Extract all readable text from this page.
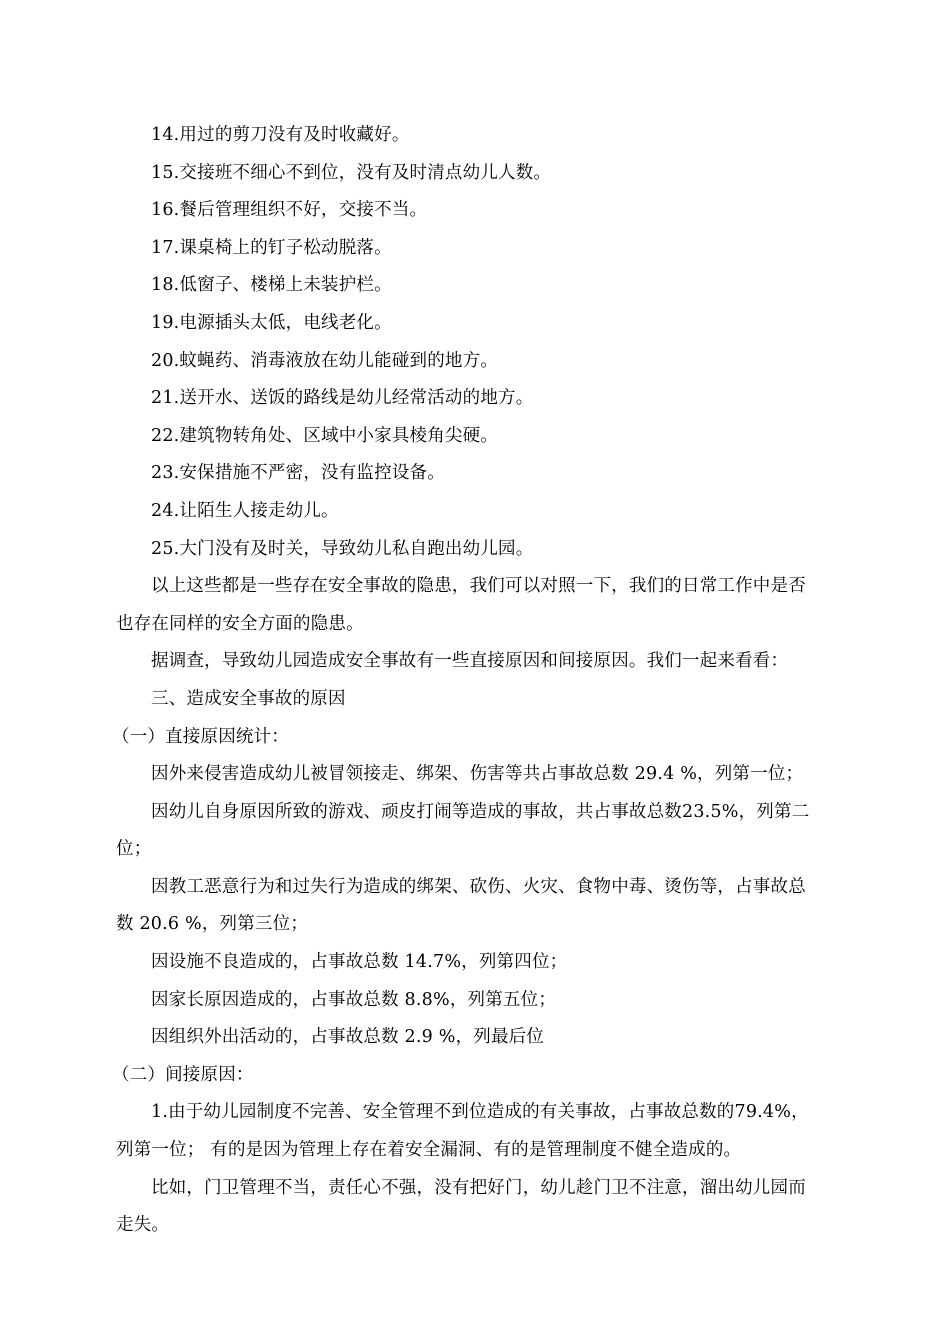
14.用过的剪刀没有及时收藏好。
15.交接班不细心不到位，没有及时清点幼儿人数。
16.餐后管理组织不好，交接不当。
17.课桌椅上的钉子松动脱落。
18.低窗子、楼梯上未装护栏。
19.电源插头太低，电线老化。
20.蚊蝇药、消毒液放在幼儿能碰到的地方。
21.送开水、送饭的路线是幼儿经常活动的地方。
22.建筑物转角处、区域中小家具棱角尖硬。
23.安保措施不严密，没有监控设备。
24.让陌生人接走幼儿。
25.大门没有及时关，导致幼儿私自跑出幼儿园。
以上这些都是一些存在安全事故的隐患，我们可以对照一下，我们的日常工作中是否
也存在同样的安全方面的隐患。
据调查，导致幼儿园造成安全事故有一些直接原因和间接原因。我们一起来看看：
三、造成安全事故的原因
（一）直接原因统计：
因外来侵害造成幼儿被冒领接走、绑架、伤害等共占事故总数 29.4 %，列第一位；
因幼儿自身原因所致的游戏、顽皮打闹等造成的事故，共占事故总数23.5%，列第二
位；
因教工恶意行为和过失行为造成的绑架、砍伤、火灾、食物中毒、烫伤等，占事故总
数 20.6 %，列第三位；
因设施不良造成的，占事故总数 14.7%，列第四位；
因家长原因造成的，占事故总数 8.8%，列第五位；
因组织外出活动的，占事故总数 2.9 %，列最后位
（二）间接原因：
1.由于幼儿园制度不完善、安全管理不到位造成的有关事故，占事故总数的79.4%，
列第一位； 有的是因为管理上存在着安全漏洞、有的是管理制度不健全造成的。
比如，门卫管理不当，责任心不强，没有把好门，幼儿趁门卫不注意，溜出幼儿园而
走失。
